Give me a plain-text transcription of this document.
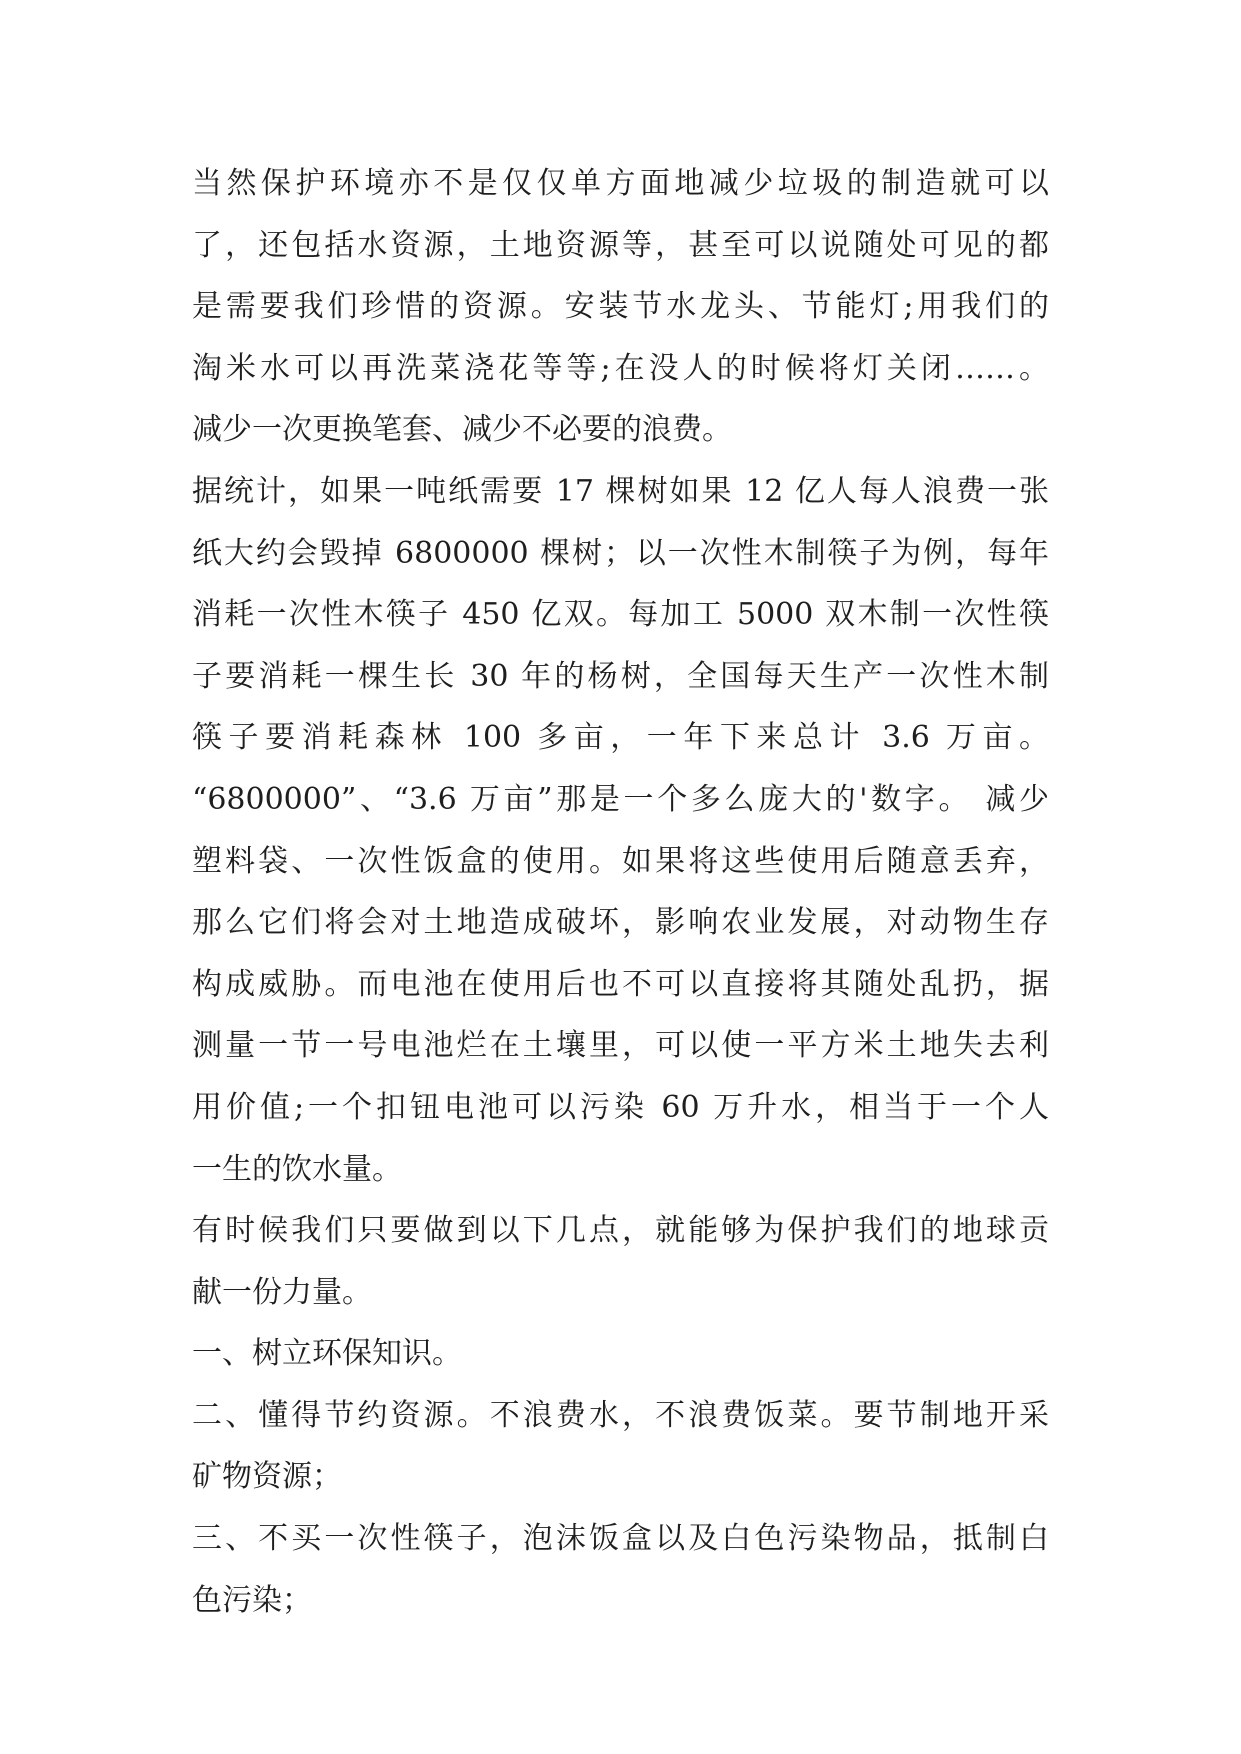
当然保护环境亦不是仅仅单方面地减少垃圾的制造就可以
了，还包括水资源，土地资源等，甚至可以说随处可见的都
是需要我们珍惜的资源。安装节水龙头、节能灯;用我们的
淘米水可以再洗菜浇花等等;在没人的时候将灯关闭……。
减少一次更换笔套、减少不必要的浪费。
据统计，如果一吨纸需要 17 棵树如果 12 亿人每人浪费一张
纸大约会毁掉 6800000 棵树；以一次性木制筷子为例，每年
消耗一次性木筷子 450 亿双。每加工 5000 双木制一次性筷
子要消耗一棵生长 30 年的杨树，全国每天生产一次性木制
筷子要消耗森林 100 多亩，一年下来总计 3.6 万亩。
“6800000”、“3.6 万亩”那是一个多么庞大的'数字。 减少
塑料袋、一次性饭盒的使用。如果将这些使用后随意丢弃，
那么它们将会对土地造成破坏，影响农业发展，对动物生存
构成威胁。而电池在使用后也不可以直接将其随处乱扔，据
测量一节一号电池烂在土壤里，可以使一平方米土地失去利
用价值;一个扣钮电池可以污染 60 万升水，相当于一个人
一生的饮水量。
有时候我们只要做到以下几点，就能够为保护我们的地球贡
献一份力量。
一、树立环保知识。
二、懂得节约资源。不浪费水，不浪费饭菜。要节制地开采
矿物资源；
三、不买一次性筷子，泡沫饭盒以及白色污染物品，抵制白
色污染；
